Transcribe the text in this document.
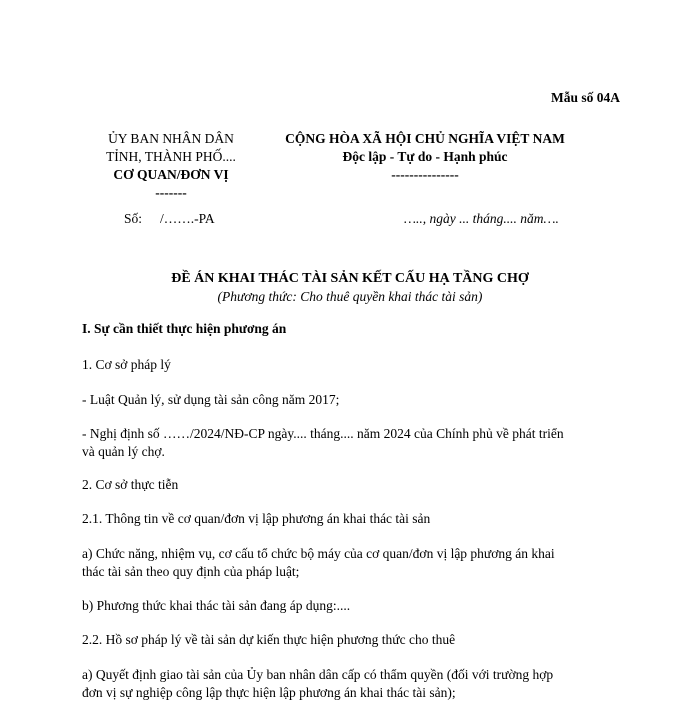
Mẫu số 04A
ỦY BAN NHÂN DÂN
TỈNH, THÀNH PHỐ....
CƠ QUAN/ĐƠN VỊ
-------
CỘNG HÒA XÃ HỘI CHỦ NGHĨA VIỆT NAM
Độc lập - Tự do - Hạnh phúc
---------------
Số: /…….-PA	….., ngày ... tháng.... năm….
ĐỀ ÁN KHAI THÁC TÀI SẢN KẾT CẤU HẠ TẦNG CHỢ
(Phương thức: Cho thuê quyền khai thác tài sản)
I. Sự cần thiết thực hiện phương án
1. Cơ sở pháp lý
- Luật Quản lý, sử dụng tài sản công năm 2017;
- Nghị định số ……/2024/NĐ-CP ngày.... tháng.... năm 2024 của Chính phủ về phát triển
và quản lý chợ.
2. Cơ sở thực tiễn
2.1. Thông tin về cơ quan/đơn vị lập phương án khai thác tài sản
a) Chức năng, nhiệm vụ, cơ cấu tổ chức bộ máy của cơ quan/đơn vị lập phương án khai
thác tài sản theo quy định của pháp luật;
b) Phương thức khai thác tài sản đang áp dụng:....
2.2. Hồ sơ pháp lý về tài sản dự kiến thực hiện phương thức cho thuê
a) Quyết định giao tài sản của Ủy ban nhân dân cấp có thẩm quyền (đối với trường hợp
đơn vị sự nghiệp công lập thực hiện lập phương án khai thác tài sản);
